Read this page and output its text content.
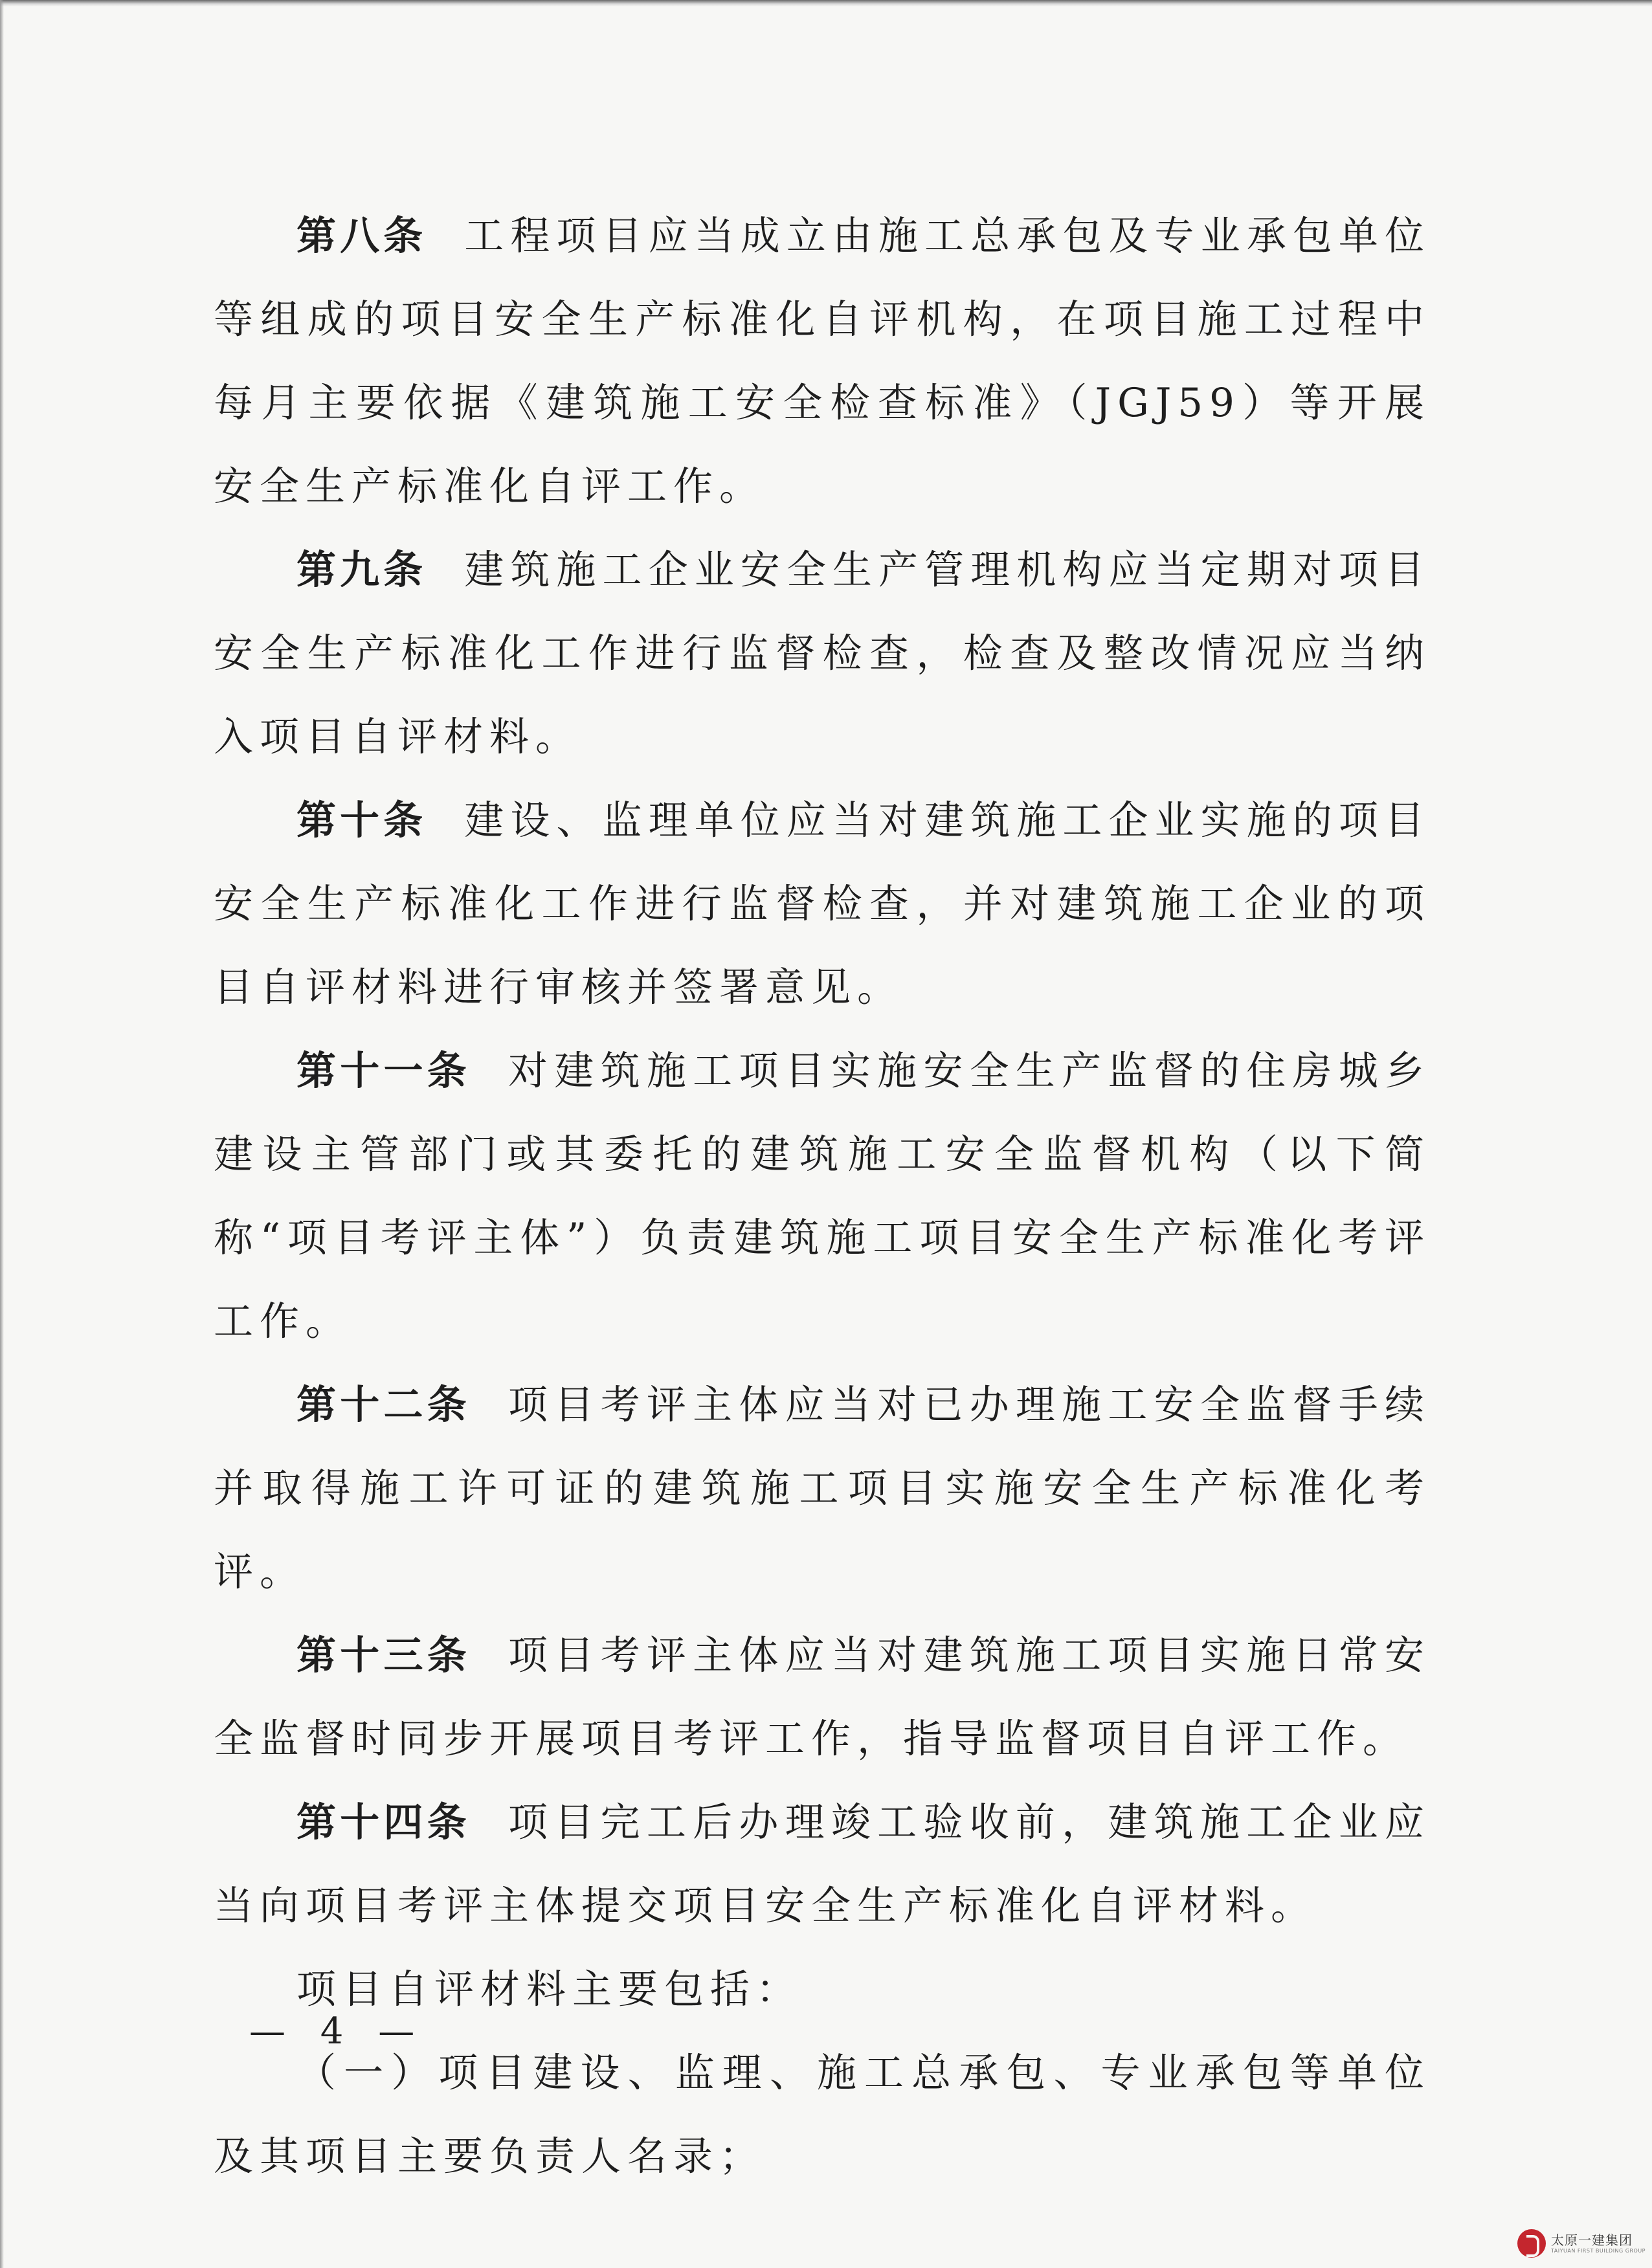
第八条 工程项目应当成立由施工总承包及专业承包单位等组成的项目安全生产标准化自评机构，在项目施工过程中每月主要依据《建筑施工安全检查标准》（JGJ59）等开展安全生产标准化自评工作。

第九条 建筑施工企业安全生产管理机构应当定期对项目安全生产标准化工作进行监督检查，检查及整改情况应当纳入项目自评材料。

第十条 建设、监理单位应当对建筑施工企业实施的项目安全生产标准化工作进行监督检查，并对建筑施工企业的项目自评材料进行审核并签署意见。

第十一条 对建筑施工项目实施安全生产监督的住房城乡建设主管部门或其委托的建筑施工安全监督机构（以下简称“项目考评主体”）负责建筑施工项目安全生产标准化考评工作。

第十二条 项目考评主体应当对已办理施工安全监督手续并取得施工许可证的建筑施工项目实施安全生产标准化考评。

第十三条 项目考评主体应当对建筑施工项目实施日常安全监督时同步开展项目考评工作，指导监督项目自评工作。

第十四条 项目完工后办理竣工验收前，建筑施工企业应当向项目考评主体提交项目安全生产标准化自评材料。

项目自评材料主要包括：

（一）项目建设、监理、施工总承包、专业承包等单位及其项目主要负责人名录；

— 4 —
太原一建集团
TAIYUAN FIRST BUILDING GROUP
